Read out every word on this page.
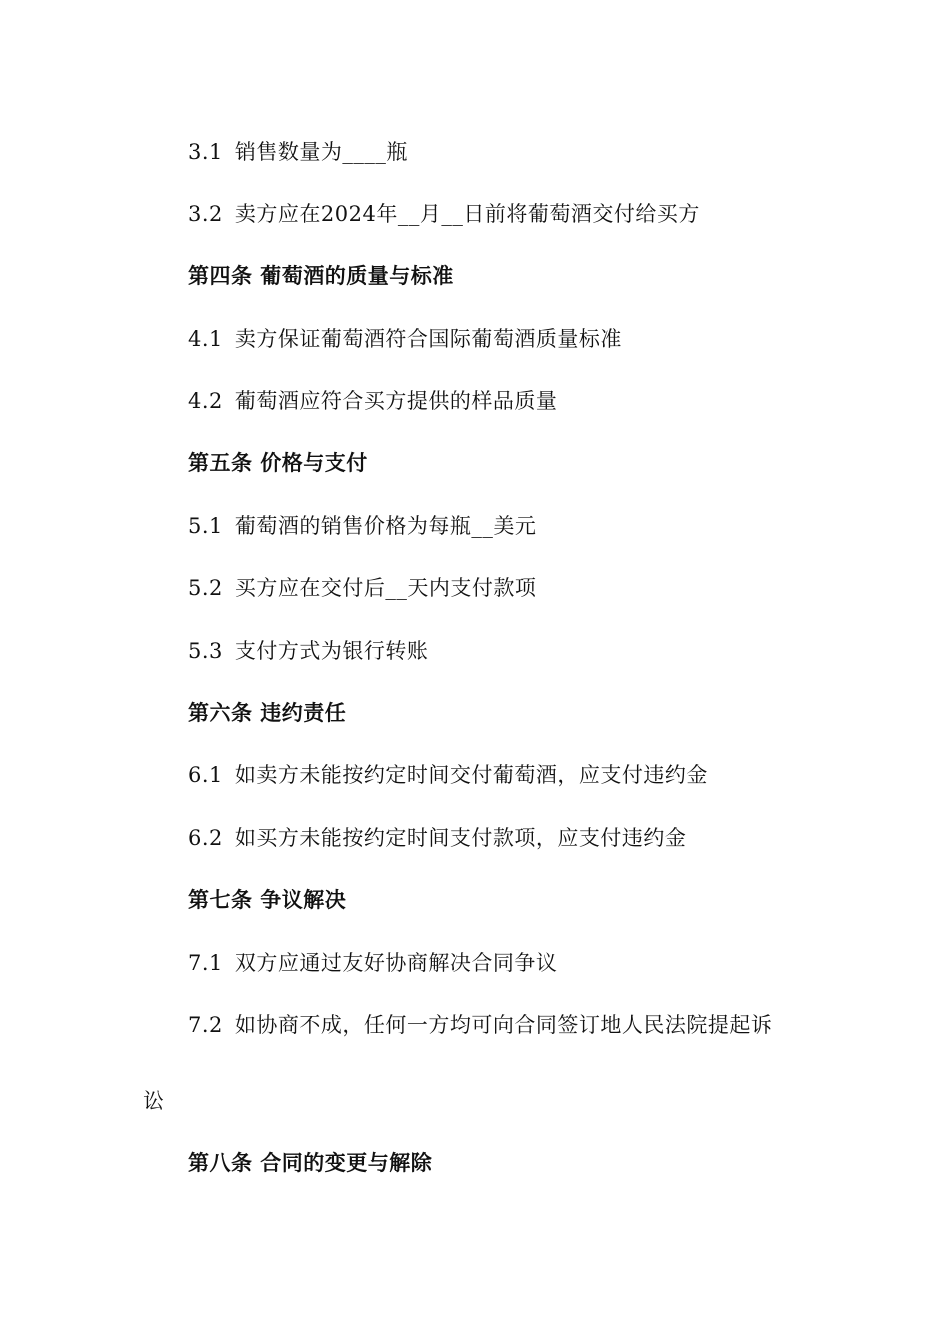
3.1 销售数量为____瓶
3.2 卖方应在2024年__月__日前将葡萄酒交付给买方
第四条 葡萄酒的质量与标准
4.1 卖方保证葡萄酒符合国际葡萄酒质量标准
4.2 葡萄酒应符合买方提供的样品质量
第五条 价格与支付
5.1 葡萄酒的销售价格为每瓶__美元
5.2 买方应在交付后__天内支付款项
5.3 支付方式为银行转账
第六条 违约责任
6.1 如卖方未能按约定时间交付葡萄酒，应支付违约金
6.2 如买方未能按约定时间支付款项，应支付违约金
第七条 争议解决
7.1 双方应通过友好协商解决合同争议
7.2 如协商不成，任何一方均可向合同签订地人民法院提起诉
讼
第八条 合同的变更与解除
